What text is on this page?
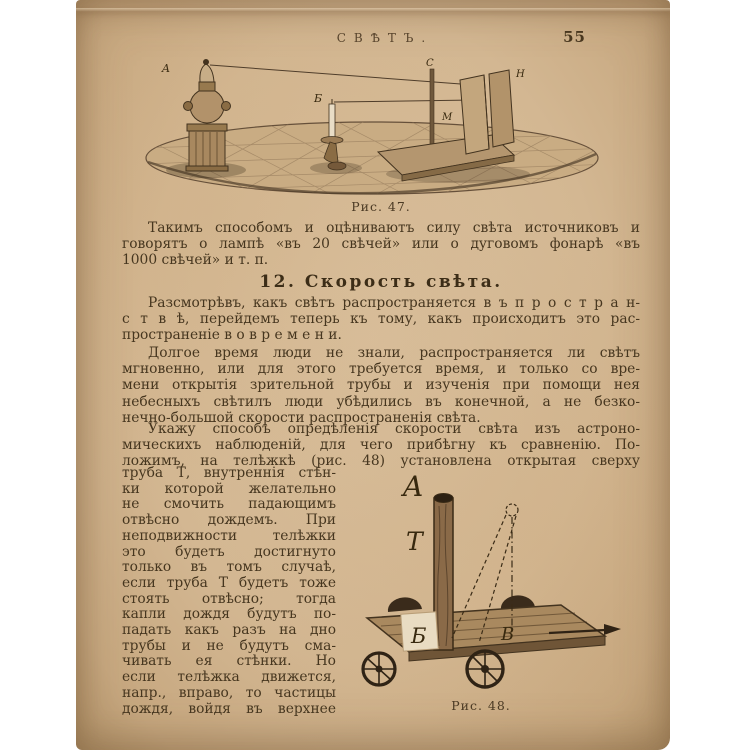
СВѢТЪ.	55
A
Б
C
M
H
Рис. 47.
Такимъ способомъ и оцѣниваютъ силу свѣта источниковъ и
говорятъ о лампѣ «въ 20 свѣчей» или о дуговомъ фонарѣ «въ
1000 свѣчей» и т. п.
12. Скорость свѣта.
Разсмотрѣвъ, какъ свѣтъ распространяется в ъ п р о с т р а н-
с т в ѣ, перейдемъ теперь къ тому, какъ происходитъ это рас-
пространеніе в о в р е м е н и.
Долгое время люди не знали, распространяется ли свѣтъ
мгновенно, или для этого требуется время, и только со вре-
мени открытія зрительной трубы и изученія при помощи нея
небесныхъ свѣтилъ люди убѣдились въ конечной, а не безко-
нечно-большой скорости распространенія свѣта.
Укажу способъ опредѣленія скорости свѣта изъ астроно-
мическихъ наблюденій, для чего прибѣгну къ сравненію. По-
ложимъ, на телѣжкѣ (рис. 48) установлена открытая сверху
труба Т, внутреннія стѣн-
ки которой желательно
не смочить падающимъ
отвѣсно дождемъ. При
неподвижности телѣжки
это будетъ достигнуто
только въ томъ случаѣ,
если труба Т будетъ тоже
стоять отвѣсно; тогда
капли дождя будутъ по-
падать какъ разъ на дно
трубы и не будутъ сма-
чивать ея стѣнки. Но
если телѣжка движется,
напр., вправо, то частицы
дождя, войдя въ верхнее
A
T
Б	В
Рис. 48.
